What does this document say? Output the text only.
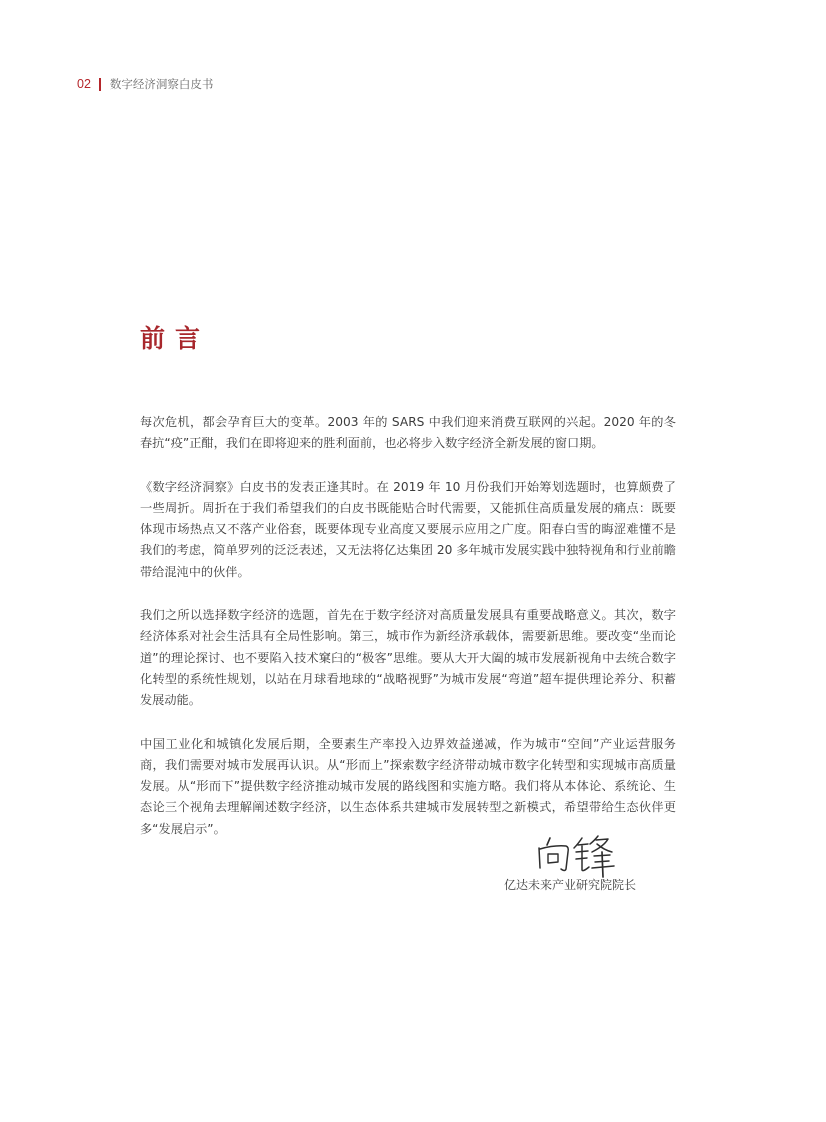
02 数字经济洞察白皮书
前言

每次危机，都会孕育巨大的变革。2003 年的 SARS 中我们迎来消费互联网的兴起。2020 年的冬春抗“疫”正酣，我们在即将迎来的胜利面前，也必将步入数字经济全新发展的窗口期。

《数字经济洞察》白皮书的发表正逢其时。在 2019 年 10 月份我们开始筹划选题时，也算颇费了一些周折。周折在于我们希望我们的白皮书既能贴合时代需要，又能抓住高质量发展的痛点：既要体现市场热点又不落产业俗套，既要体现专业高度又要展示应用之广度。阳春白雪的晦涩难懂不是我们的考虑，简单罗列的泛泛表述，又无法将亿达集团 20 多年城市发展实践中独特视角和行业前瞻带给混沌中的伙伴。

我们之所以选择数字经济的选题，首先在于数字经济对高质量发展具有重要战略意义。其次，数字经济体系对社会生活具有全局性影响。第三，城市作为新经济承载体，需要新思维。要改变“坐而论道”的理论探讨、也不要陷入技术窠臼的“极客”思维。要从大开大阖的城市发展新视角中去统合数字化转型的系统性规划，以站在月球看地球的“战略视野”为城市发展“弯道”超车提供理论养分、积蓄发展动能。

中国工业化和城镇化发展后期，全要素生产率投入边界效益递减，作为城市“空间”产业运营服务商，我们需要对城市发展再认识。从“形而上”探索数字经济带动城市数字化转型和实现城市高质量发展。从“形而下”提供数字经济推动城市发展的路线图和实施方略。我们将从本体论、系统论、生态论三个视角去理解阐述数字经济，以生态体系共建城市发展转型之新模式，希望带给生态伙伴更多“发展启示”。

亿达未来产业研究院院长
